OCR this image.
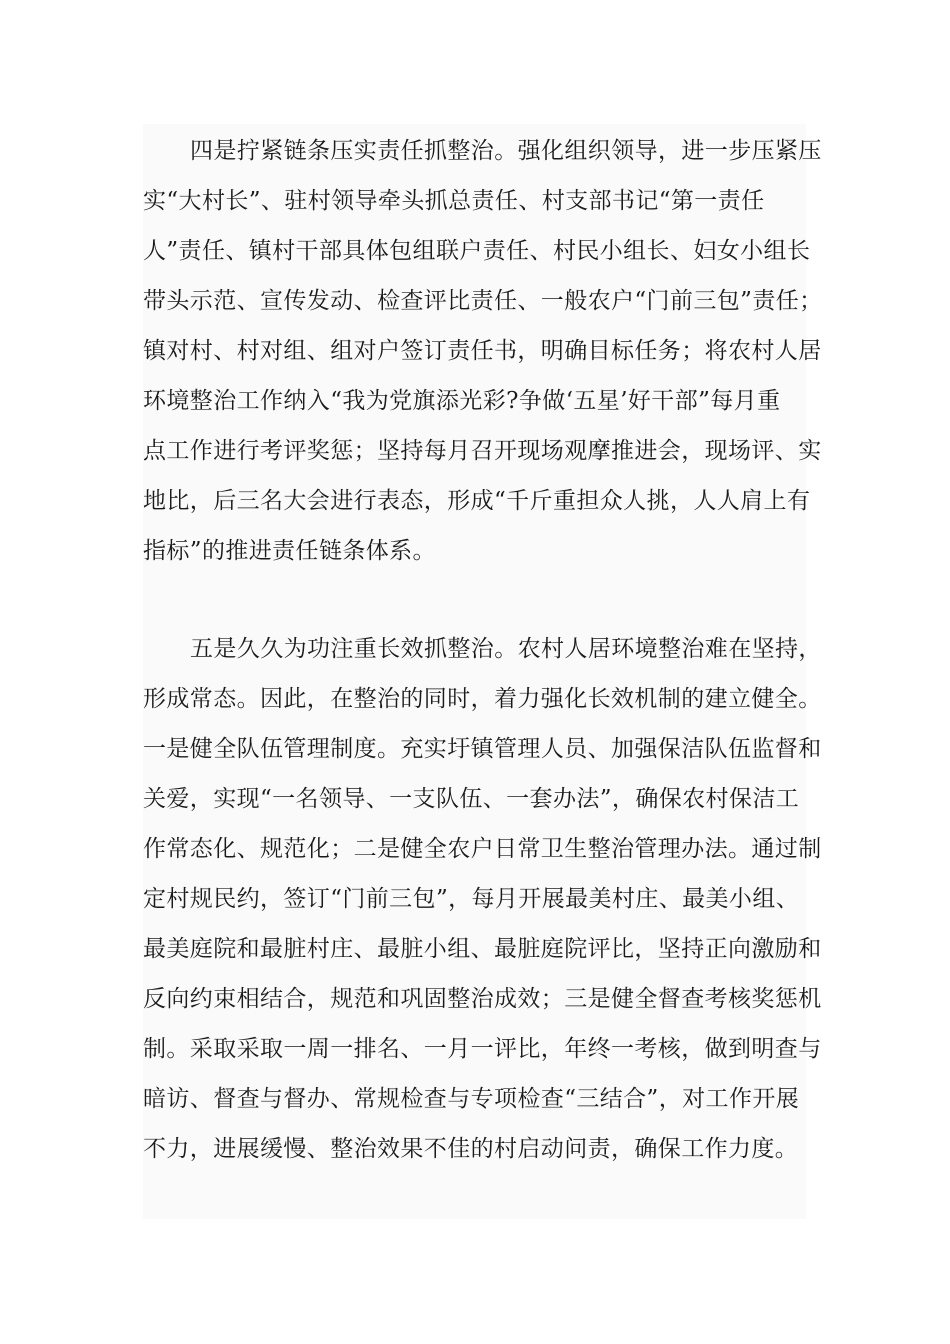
四是拧紧链条压实责任抓整治。强化组织领导，进一步压紧压
实“大村长”、驻村领导牵头抓总责任、村支部书记“第一责任
人”责任、镇村干部具体包组联户责任、村民小组长、妇女小组长
带头示范、宣传发动、检查评比责任、一般农户“门前三包”责任；
镇对村、村对组、组对户签订责任书，明确目标任务；将农村人居
环境整治工作纳入“我为党旗添光彩?争做‘五星’好干部”每月重
点工作进行考评奖惩；坚持每月召开现场观摩推进会，现场评、实
地比，后三名大会进行表态，形成“千斤重担众人挑，人人肩上有
指标”的推进责任链条体系。
五是久久为功注重长效抓整治。农村人居环境整治难在坚持，
形成常态。因此，在整治的同时，着力强化长效机制的建立健全。
一是健全队伍管理制度。充实圩镇管理人员、加强保洁队伍监督和
关爱，实现“一名领导、一支队伍、一套办法”，确保农村保洁工
作常态化、规范化；二是健全农户日常卫生整治管理办法。通过制
定村规民约，签订“门前三包”，每月开展最美村庄、最美小组、
最美庭院和最脏村庄、最脏小组、最脏庭院评比，坚持正向激励和
反向约束相结合，规范和巩固整治成效；三是健全督查考核奖惩机
制。采取采取一周一排名、一月一评比，年终一考核，做到明查与
暗访、督查与督办、常规检查与专项检查“三结合”，对工作开展
不力，进展缓慢、整治效果不佳的村启动问责，确保工作力度。
